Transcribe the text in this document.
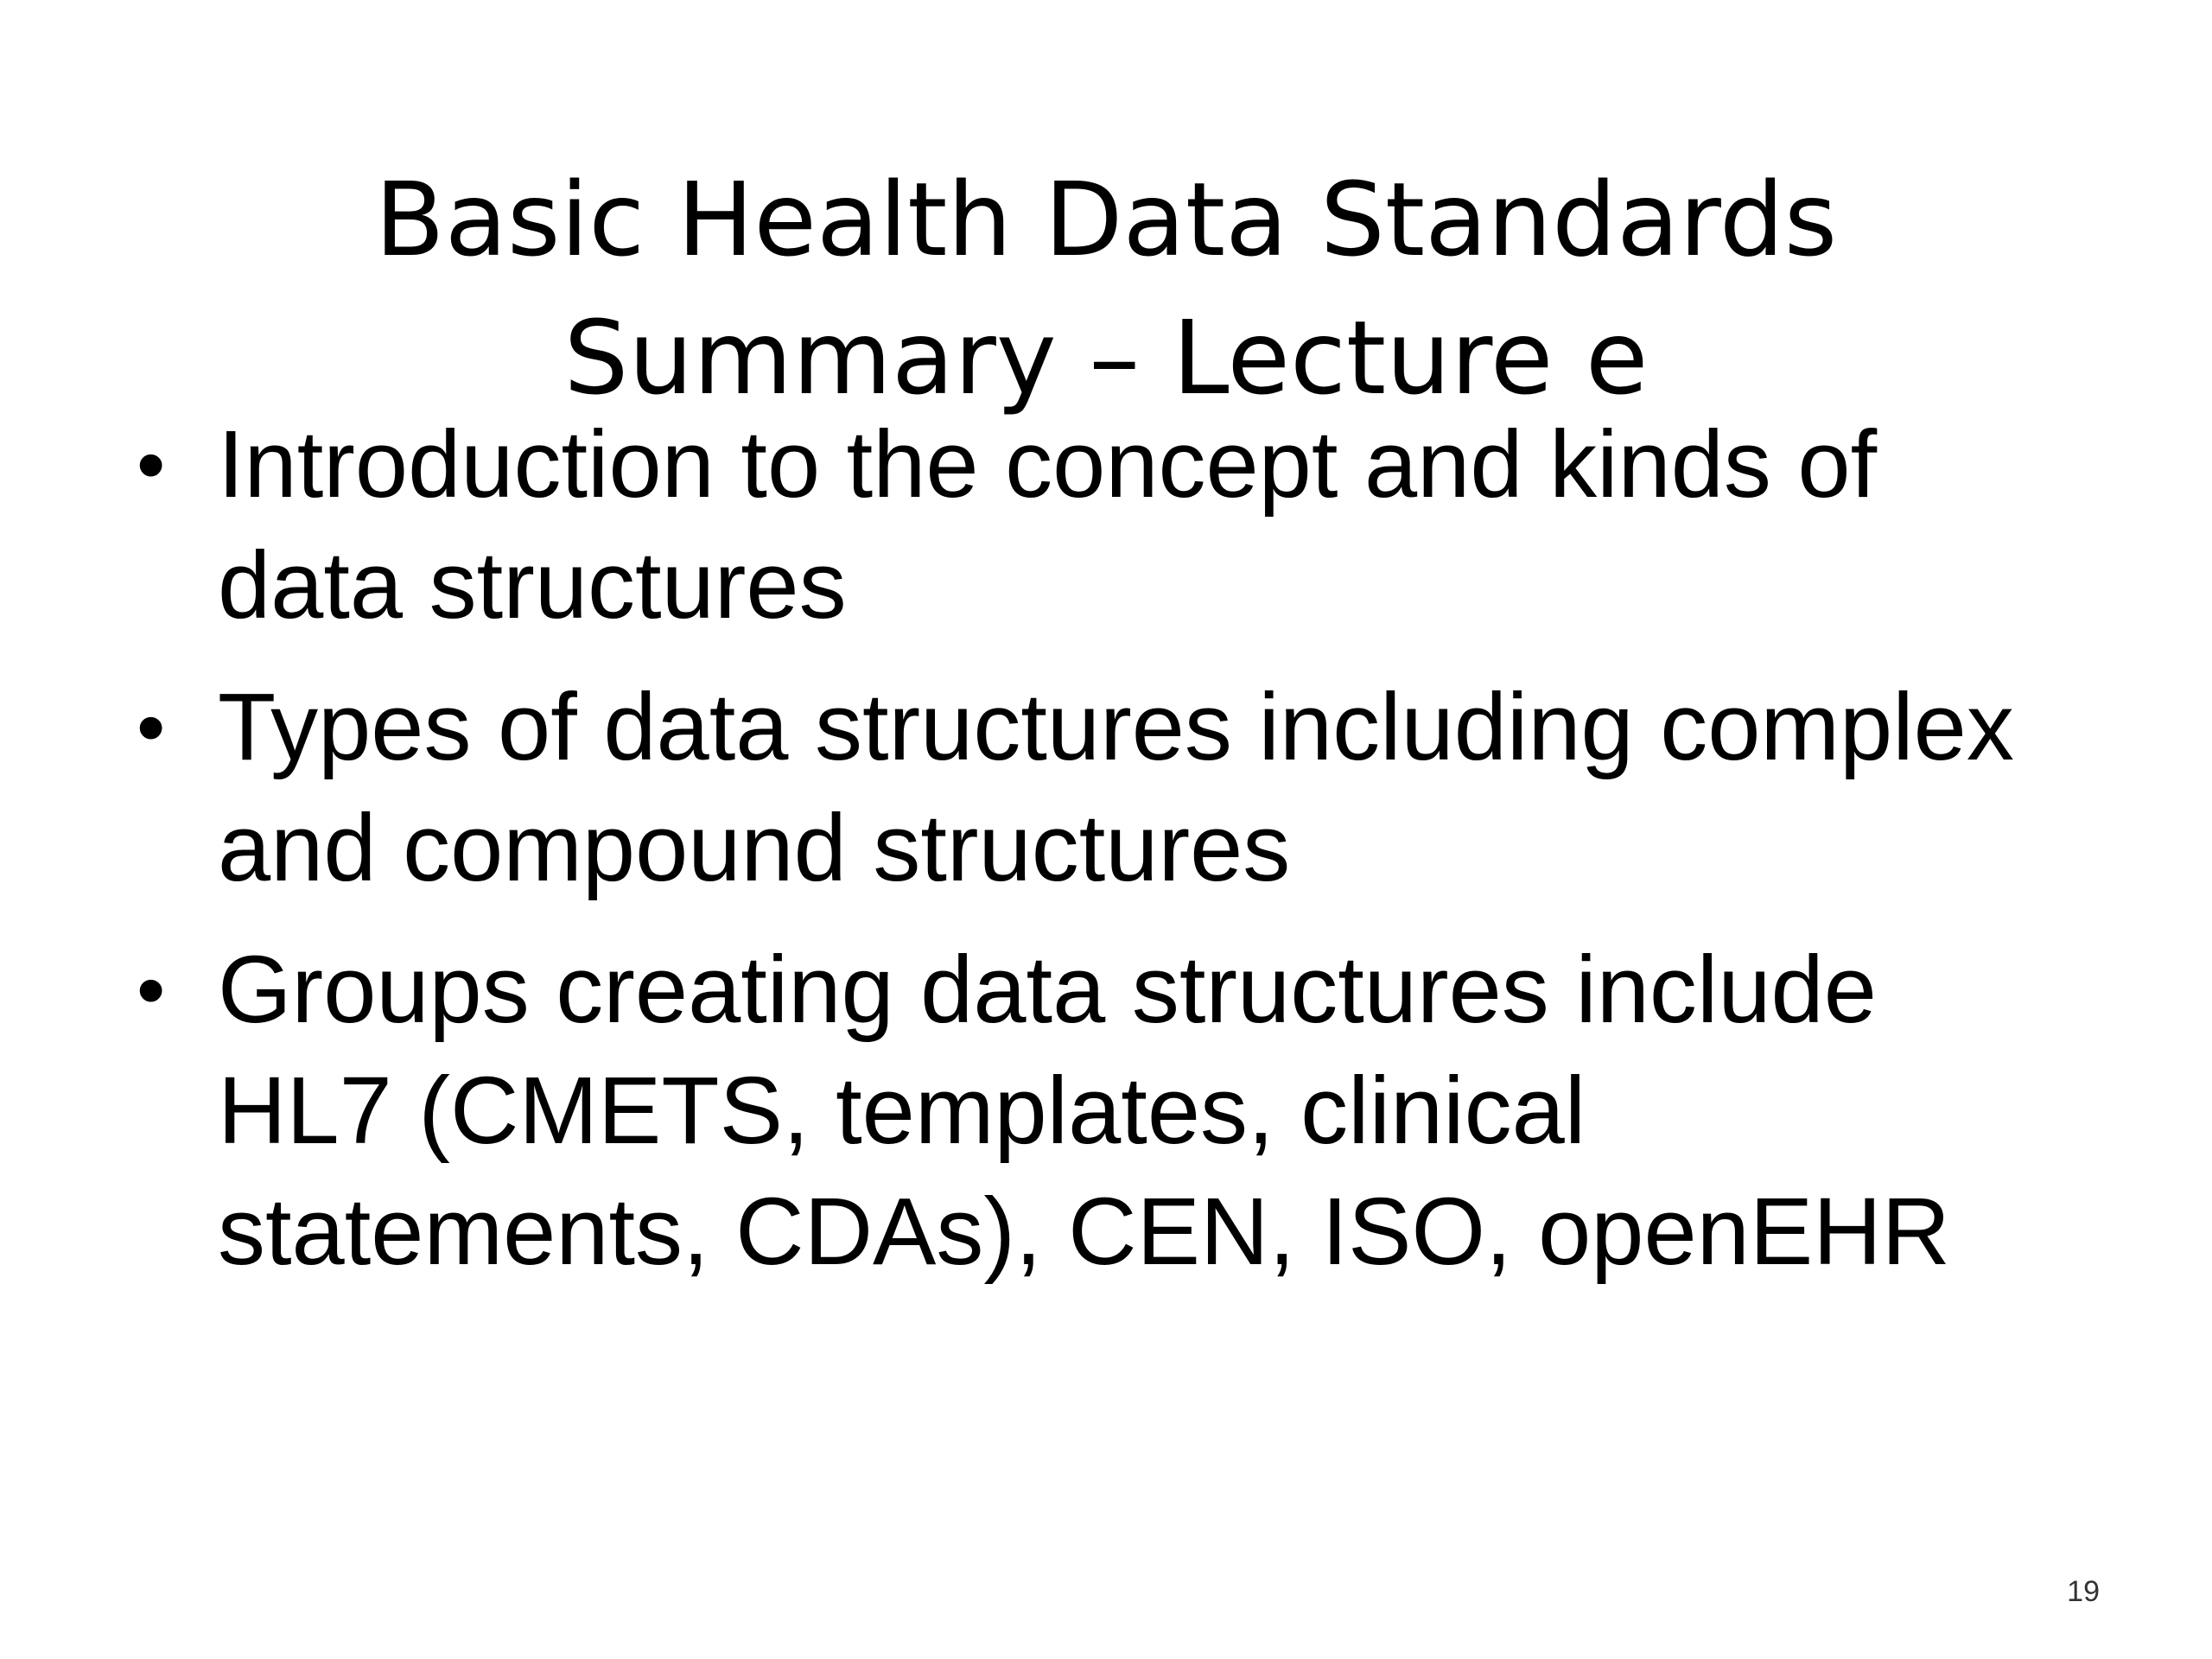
Basic Health Data Standards
Summary – Lecture e
• Introduction to the concept and kinds of
data structures
• Types of data structures including complex
and compound structures
• Groups creating data structures include
HL7 (CMETS, templates, clinical
statements, CDAs), CEN, ISO, openEHR
19
